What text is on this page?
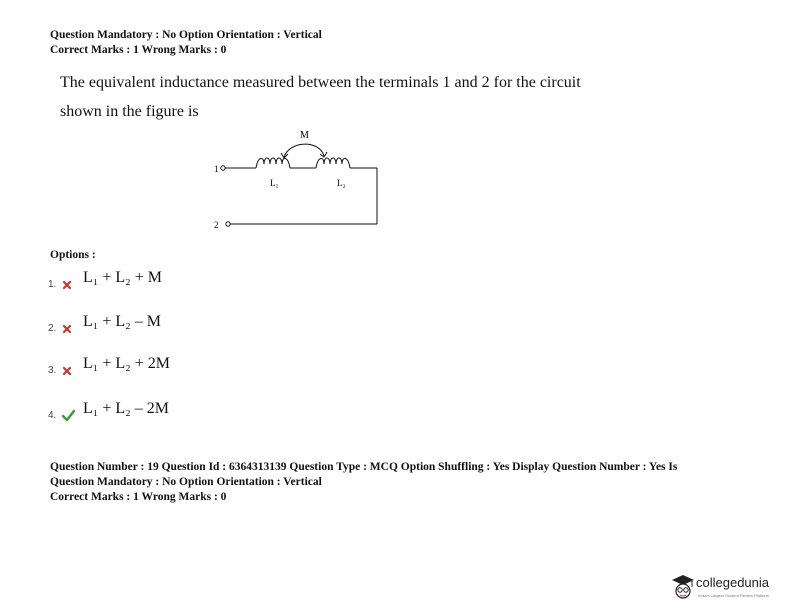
Question Mandatory : No Option Orientation : Vertical
Correct Marks : 1 Wrong Marks : 0
The equivalent inductance measured between the terminals 1 and 2 for the circuit
shown in the figure is
1
2
M
L₁	L₂
Options :
1. L₁ + L₂ + M
2. L₁ + L₂ – M
3. L₁ + L₂ + 2M
4. L₁ + L₂ – 2M
Question Number : 19 Question Id : 6364313139 Question Type : MCQ Option Shuffling : Yes Display Question Number : Yes Is
Question Mandatory : No Option Orientation : Vertical
Correct Marks : 1 Wrong Marks : 0
collegedunia
India's Largest Student Review Platform
